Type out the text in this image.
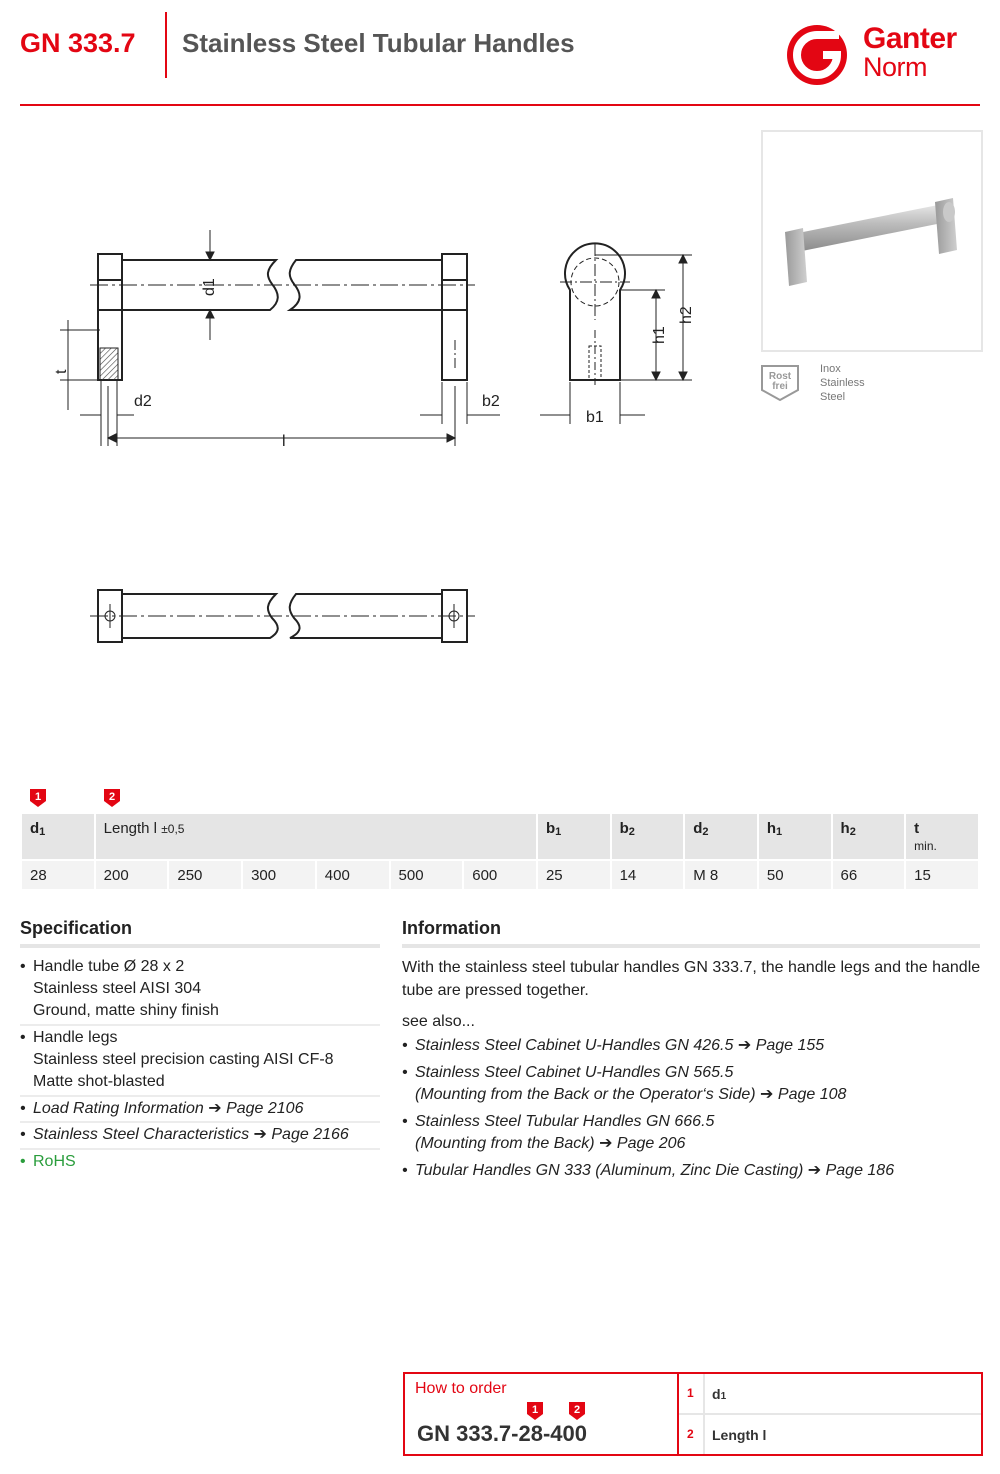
GN 333.7 Stainless Steel Tubular Handles	Ganter
Norm
Rost
frei
Inox
Stainless
Steel
d1
t
d2
l
b2
b1
h1
h2
1	2
d1	Length l ±0,5						b1	b2	d2	h1	h2	t
min.

28	200	250	300	400	500	600	25	14	M 8	50	66	15
Specification
• Handle tube Ø 28 x 2
Stainless steel AISI 304
Ground, matte shiny finish
• Handle legs
Stainless steel precision casting AISI CF-8
Matte shot-blasted
• Load Rating Information ➔ Page 2106
• Stainless Steel Characteristics ➔ Page 2166
• RoHS
Information
With the stainless steel tubular handles GN 333.7, the handle legs and the handle tube are pressed together.
see also...
• Stainless Steel Cabinet U-Handles GN 426.5 ➔ Page 155
• Stainless Steel Cabinet U-Handles GN 565.5
(Mounting from the Back or the Operator‘s Side) ➔ Page 108
• Stainless Steel Tubular Handles GN 666.5
(Mounting from the Back) ➔ Page 206
• Tubular Handles GN 333 (Aluminum, Zinc Die Casting) ➔ Page 186
How to order
1	2
GN 333.7-28-400
1 d1
2 Length l
